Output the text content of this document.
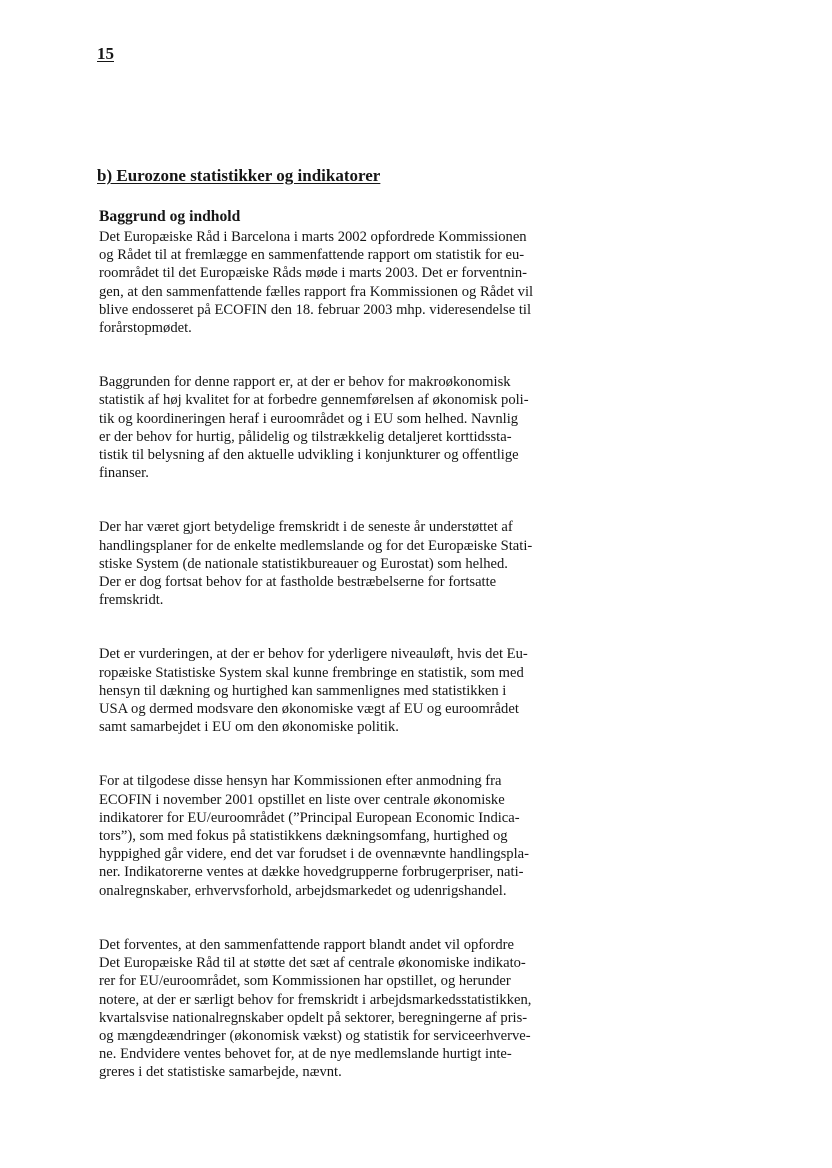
15
b) Eurozone statistikker og indikatorer
Baggrund og indhold
Det Europæiske Råd i Barcelona i marts 2002 opfordrede Kommissionen
og Rådet til at fremlægge en sammenfattende rapport om statistik for eu-
roområdet til det Europæiske Råds møde i marts 2003. Det er forventnin-
gen, at den sammenfattende fælles rapport fra Kommissionen og Rådet vil
blive endosseret på ECOFIN den 18. februar 2003 mhp. videresendelse til
forårstopmødet.
Baggrunden for denne rapport er, at der er behov for makroøkonomisk
statistik af høj kvalitet for at forbedre gennemførelsen af økonomisk poli-
tik og koordineringen heraf i euroområdet og i EU som helhed. Navnlig
er der behov for hurtig, pålidelig og tilstrækkelig detaljeret korttidssta-
tistik til belysning af den aktuelle udvikling i konjunkturer og offentlige
finanser.
Der har været gjort betydelige fremskridt i de seneste år understøttet af
handlingsplaner for de enkelte medlemslande og for det Europæiske Stati-
stiske System (de nationale statistikbureauer og Eurostat) som helhed.
Der er dog fortsat behov for at fastholde bestræbelserne for fortsatte
fremskridt.
Det er vurderingen, at der er behov for yderligere niveauløft, hvis det Eu-
ropæiske Statistiske System skal kunne frembringe en statistik, som med
hensyn til dækning og hurtighed kan sammenlignes med statistikken i
USA og dermed modsvare den økonomiske vægt af EU og euroområdet
samt samarbejdet i EU om den økonomiske politik.
For at tilgodese disse hensyn har Kommissionen efter anmodning fra
ECOFIN i november 2001 opstillet en liste over centrale økonomiske
indikatorer for EU/euroområdet (”Principal European Economic Indica-
tors”), som med fokus på statistikkens dækningsomfang, hurtighed og
hyppighed går videre, end det var forudset i de ovennævnte handlingspla-
ner. Indikatorerne ventes at dække hovedgrupperne forbrugerpriser, nati-
onalregnskaber, erhvervsforhold, arbejdsmarkedet og udenrigshandel.
Det forventes, at den sammenfattende rapport blandt andet vil opfordre
Det Europæiske Råd til at støtte det sæt af centrale økonomiske indikato-
rer for EU/euroområdet, som Kommissionen har opstillet, og herunder
notere, at der er særligt behov for fremskridt i arbejdsmarkedsstatistikken,
kvartalsvise nationalregnskaber opdelt på sektorer, beregningerne af pris-
og mængdeændringer (økonomisk vækst) og statistik for serviceerhverve-
ne. Endvidere ventes behovet for, at de nye medlemslande hurtigt inte-
greres i det statistiske samarbejde, nævnt.
